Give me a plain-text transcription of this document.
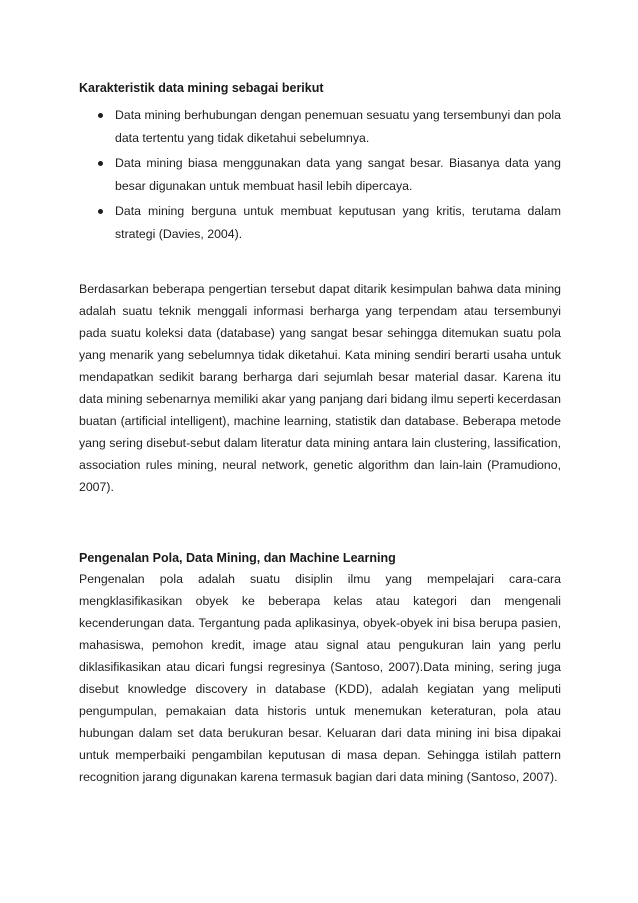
Karakteristik data mining sebagai berikut

Data mining berhubungan dengan penemuan sesuatu yang tersembunyi dan pola data tertentu yang tidak diketahui sebelumnya.
Data mining biasa menggunakan data yang sangat besar. Biasanya data yang besar digunakan untuk membuat hasil lebih dipercaya.
Data mining berguna untuk membuat keputusan yang kritis, terutama dalam strategi (Davies, 2004).

Berdasarkan beberapa pengertian tersebut dapat ditarik kesimpulan bahwa data mining adalah suatu teknik menggali informasi berharga yang terpendam atau tersembunyi pada suatu koleksi data (database) yang sangat besar sehingga ditemukan suatu pola yang menarik yang sebelumnya tidak diketahui. Kata mining sendiri berarti usaha untuk mendapatkan sedikit barang berharga dari sejumlah besar material dasar. Karena itu data mining sebenarnya memiliki akar yang panjang dari bidang ilmu seperti kecerdasan buatan (artificial intelligent), machine learning, statistik dan database. Beberapa metode yang sering disebut-sebut dalam literatur data mining antara lain clustering, lassification, association rules mining, neural network, genetic algorithm dan lain-lain (Pramudiono, 2007).

Pengenalan Pola, Data Mining, dan Machine Learning

Pengenalan pola adalah suatu disiplin ilmu yang mempelajari cara-cara mengklasifikasikan obyek ke beberapa kelas atau kategori dan mengenali kecenderungan data. Tergantung pada aplikasinya, obyek-obyek ini bisa berupa pasien, mahasiswa, pemohon kredit, image atau signal atau pengukuran lain yang perlu diklasifikasikan atau dicari fungsi regresinya (Santoso, 2007).Data mining, sering juga disebut knowledge discovery in database (KDD), adalah kegiatan yang meliputi pengumpulan, pemakaian data historis untuk menemukan keteraturan, pola atau hubungan dalam set data berukuran besar. Keluaran dari data mining ini bisa dipakai untuk memperbaiki pengambilan keputusan di masa depan. Sehingga istilah pattern recognition jarang digunakan karena termasuk bagian dari data mining (Santoso, 2007).
